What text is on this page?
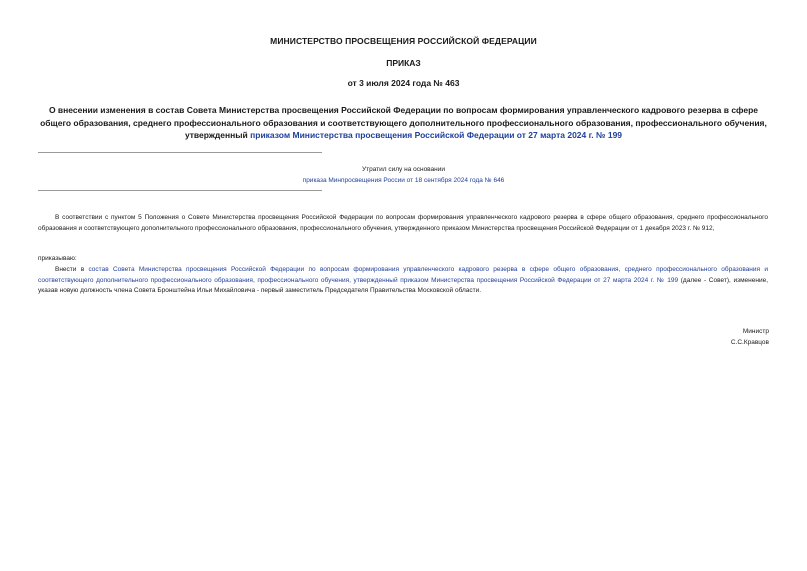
МИНИСТЕРСТВО ПРОСВЕЩЕНИЯ РОССИЙСКОЙ ФЕДЕРАЦИИ
ПРИКАЗ
от 3 июля 2024 года № 463
О внесении изменения в состав Совета Министерства просвещения Российской Федерации по вопросам формирования управленческого кадрового резерва в сфере общего образования, среднего профессионального образования и соответствующего дополнительного профессионального образования, профессионального обучения, утвержденный приказом Министерства просвещения Российской Федерации от 27 марта 2024 г. № 199
Утратил силу на основании
приказа Минпросвещения России от 18 сентября 2024 года № 646
В соответствии с пунктом 5 Положения о Совете Министерства просвещения Российской Федерации по вопросам формирования управленческого кадрового резерва в сфере общего образования, среднего профессионального образования и соответствующего дополнительного профессионального образования, профессионального обучения, утвержденного приказом Министерства просвещения Российской Федерации от 1 декабря 2023 г. № 912,
приказываю:
Внести в состав Совета Министерства просвещения Российской Федерации по вопросам формирования управленческого кадрового резерва в сфере общего образования, среднего профессионального образования и соответствующего дополнительного профессионального образования, профессионального обучения, утвержденный приказом Министерства просвещения Российской Федерации от 27 марта 2024 г. № 199 (далее - Совет), изменение, указав новую должность члена Совета Бронштейна Ильи Михайловича - первый заместитель Председателя Правительства Московской области.
Министр
С.С.Кравцов
